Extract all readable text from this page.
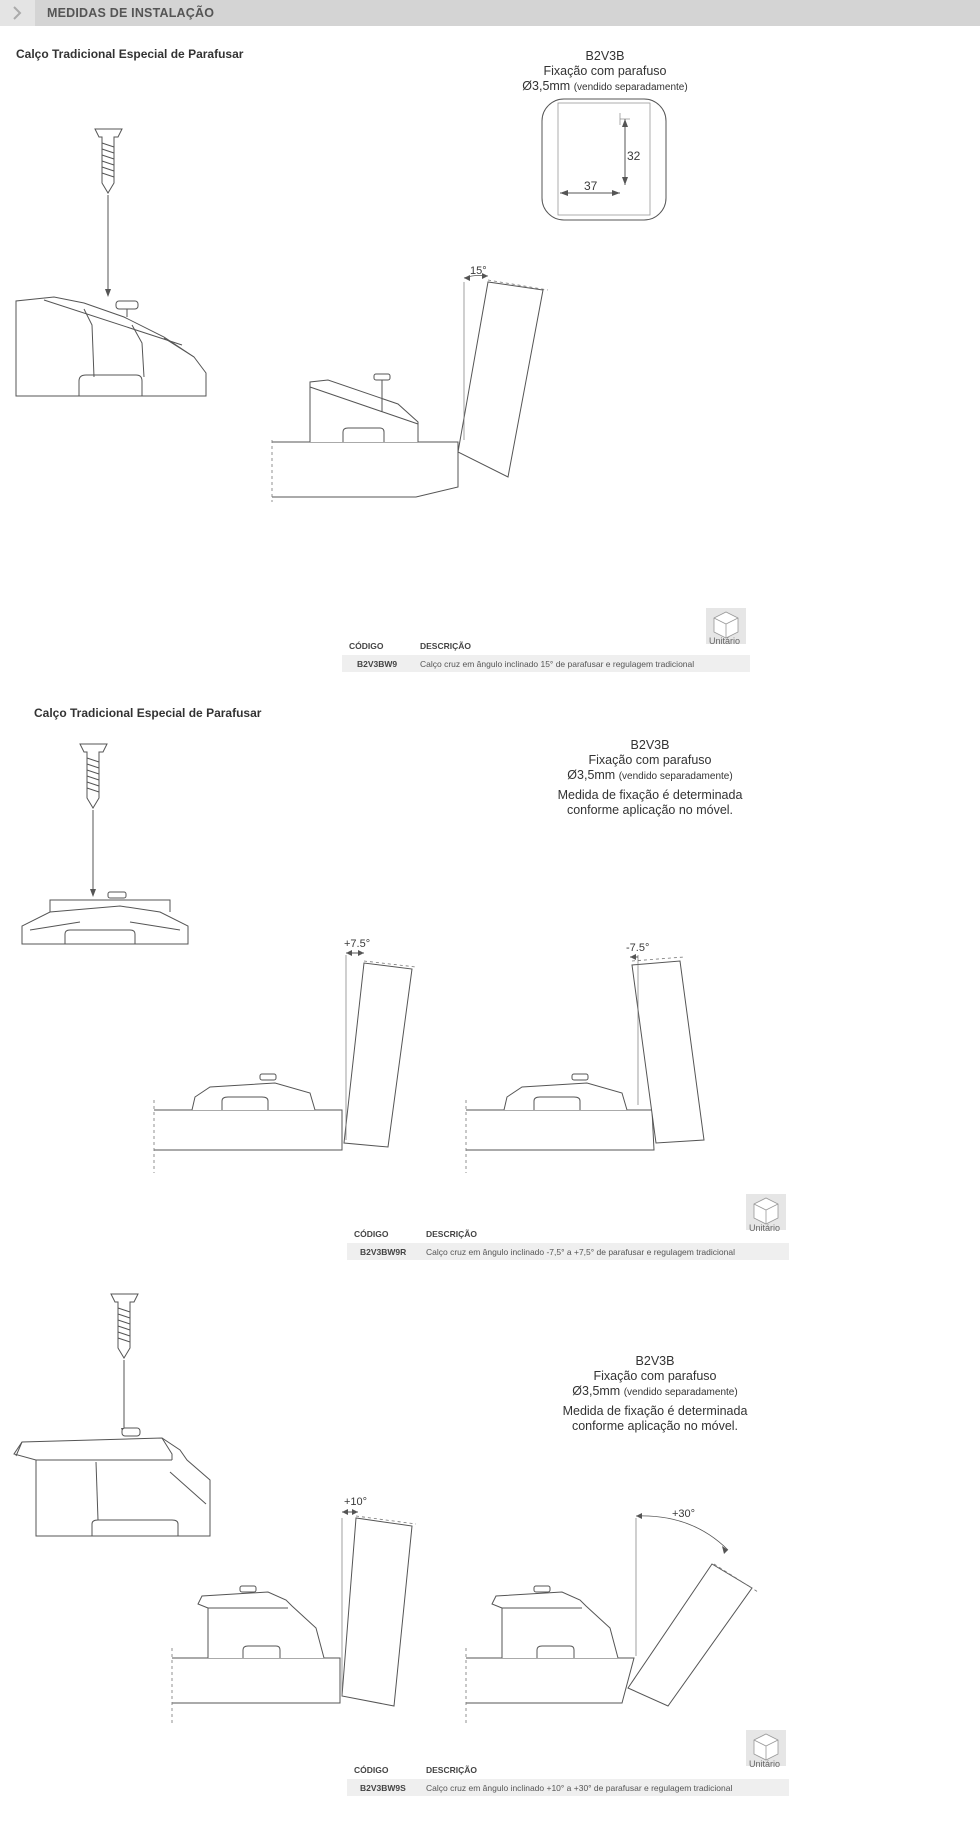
MEDIDAS DE INSTALAÇÃO
Calço Tradicional Especial de Parafusar	B2V3B
Fixação com parafuso
Ø3,5mm (vendido separadamente)
32
37
15°
Unitário
CÓDIGO	DESCRIÇÃO
B2V3BW9	Calço cruz em ângulo inclinado 15° de parafusar e regulagem tradicional
Calço Tradicional Especial de Parafusar
B2V3B
Fixação com parafuso
Ø3,5mm (vendido separadamente)
Medida de fixação é determinada
conforme aplicação no móvel.
+7.5°	-7.5°
Unitário
CÓDIGO	DESCRIÇÃO
B2V3BW9R Calço cruz em ângulo inclinado -7,5° a +7,5° de parafusar e regulagem tradicional
B2V3B
Fixação com parafuso
Ø3,5mm (vendido separadamente)
Medida de fixação é determinada
conforme aplicação no móvel.
+10°
+30°
Unitário
CÓDIGO	DESCRIÇÃO
B2V3BW9S Calço cruz em ângulo inclinado +10° a +30° de parafusar e regulagem tradicional
